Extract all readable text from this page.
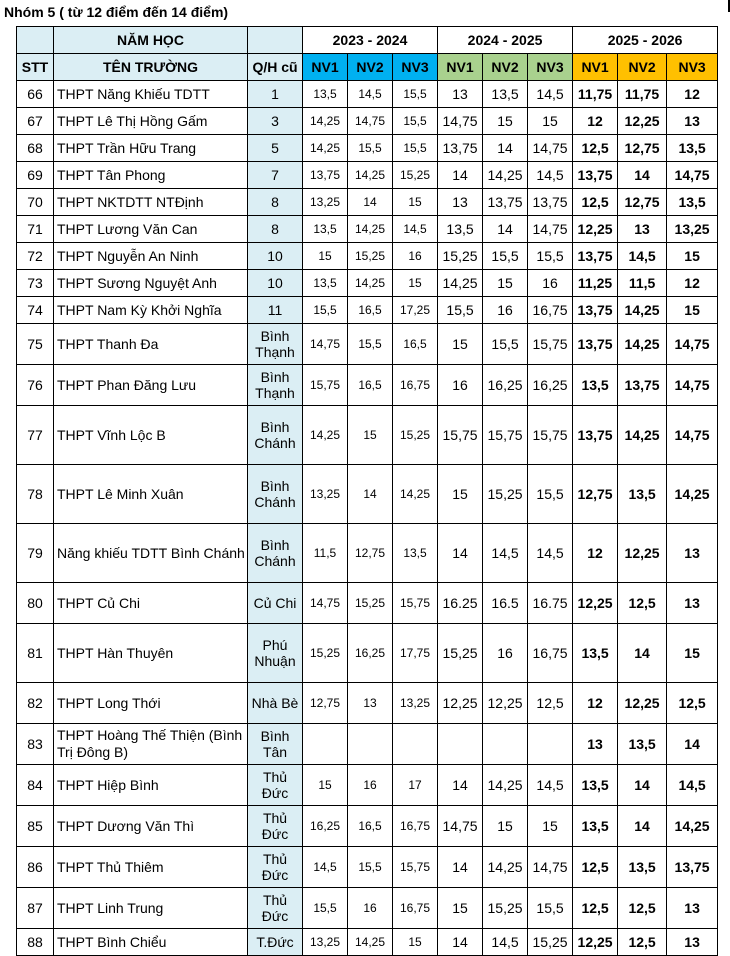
Nhóm 5 ( từ 12 điểm đến 14 điểm)
	NĂM HỌC		2023 - 2024			2024 - 2025			2025 - 2026		
STT	TÊN TRƯỜNG	Q/H cũ	NV1	NV2	NV3	NV1	NV2	NV3	NV1	NV2	NV3
66	THPT Năng Khiếu TDTT	1	13,5	14,5	15,5	13	13,5	14,5	11,75	11,75	12
67	THPT Lê Thị Hồng Gấm	3	14,25	14,75	15,5	14,75	15	15	12	12,25	13
68	THPT Trần Hữu Trang	5	14,25	15,5	15,5	13,75	14	14,75	12,5	12,75	13,5
69	THPT Tân Phong	7	13,75	14,25	15,25	14	14,25	14,5	13,75	14	14,75
70	THPT NKTDTT NTĐịnh	8	13,25	14	15	13	13,75	13,75	12,5	12,75	13,5
71	THPT Lương Văn Can	8	13,5	14,25	14,5	13,5	14	14,75	12,25	13	13,25
72	THPT Nguyễn An Ninh	10	15	15,25	16	15,25	15,5	15,5	13,75	14,5	15
73	THPT Sương Nguyệt Anh	10	13,5	14,25	15	14,25	15	16	11,25	11,5	12
74	THPT Nam Kỳ Khởi Nghĩa	11	15,5	16,5	17,25	15,5	16	16,75	13,75	14,25	15
75	THPT Thanh Đa	Bình Thạnh	14,75	15,5	16,5	15	15,5	15,75	13,75	14,25	14,75
76	THPT Phan Đăng Lưu	Bình Thạnh	15,75	16,5	16,75	16	16,25	16,25	13,5	13,75	14,75
77	THPT Vĩnh Lộc B	Bình Chánh	14,25	15	15,25	15,75	15,75	15,75	13,75	14,25	14,75
78	THPT Lê Minh Xuân	Bình Chánh	13,25	14	14,25	15	15,25	15,5	12,75	13,5	14,25
79	Năng khiếu TDTT Bình Chánh	Bình Chánh	11,5	12,75	13,5	14	14,5	14,5	12	12,25	13
80	THPT Củ Chi	Củ Chi	14,75	15,25	15,75	16.25	16.5	16.75	12,25	12,5	13
81	THPT Hàn Thuyên	Phú Nhuận	15,25	16,25	17,75	15,25	16	16,75	13,5	14	15
82	THPT Long Thới	Nhà Bè	12,75	13	13,25	12,25	12,25	12,5	12	12,25	12,5
83	THPT Hoàng Thế Thiện (Bình Trị Đông B)	Bình Tân							13	13,5	14
84	THPT Hiệp Bình	Thủ Đức	15	16	17	14	14,25	14,5	13,5	14	14,5
85	THPT Dương Văn Thì	Thủ Đức	16,25	16,5	16,75	14,75	15	15	13,5	14	14,25
86	THPT Thủ Thiêm	Thủ Đức	14,5	15,5	15,75	14	14,25	14,75	12,5	13,5	13,75
87	THPT Linh Trung	Thủ Đức	15,5	16	16,75	15	15,25	15,5	12,5	12,5	13
88	THPT Bình Chiểu	T.Đức	13,25	14,25	15	14	14,5	15,25	12,25	12,5	13
